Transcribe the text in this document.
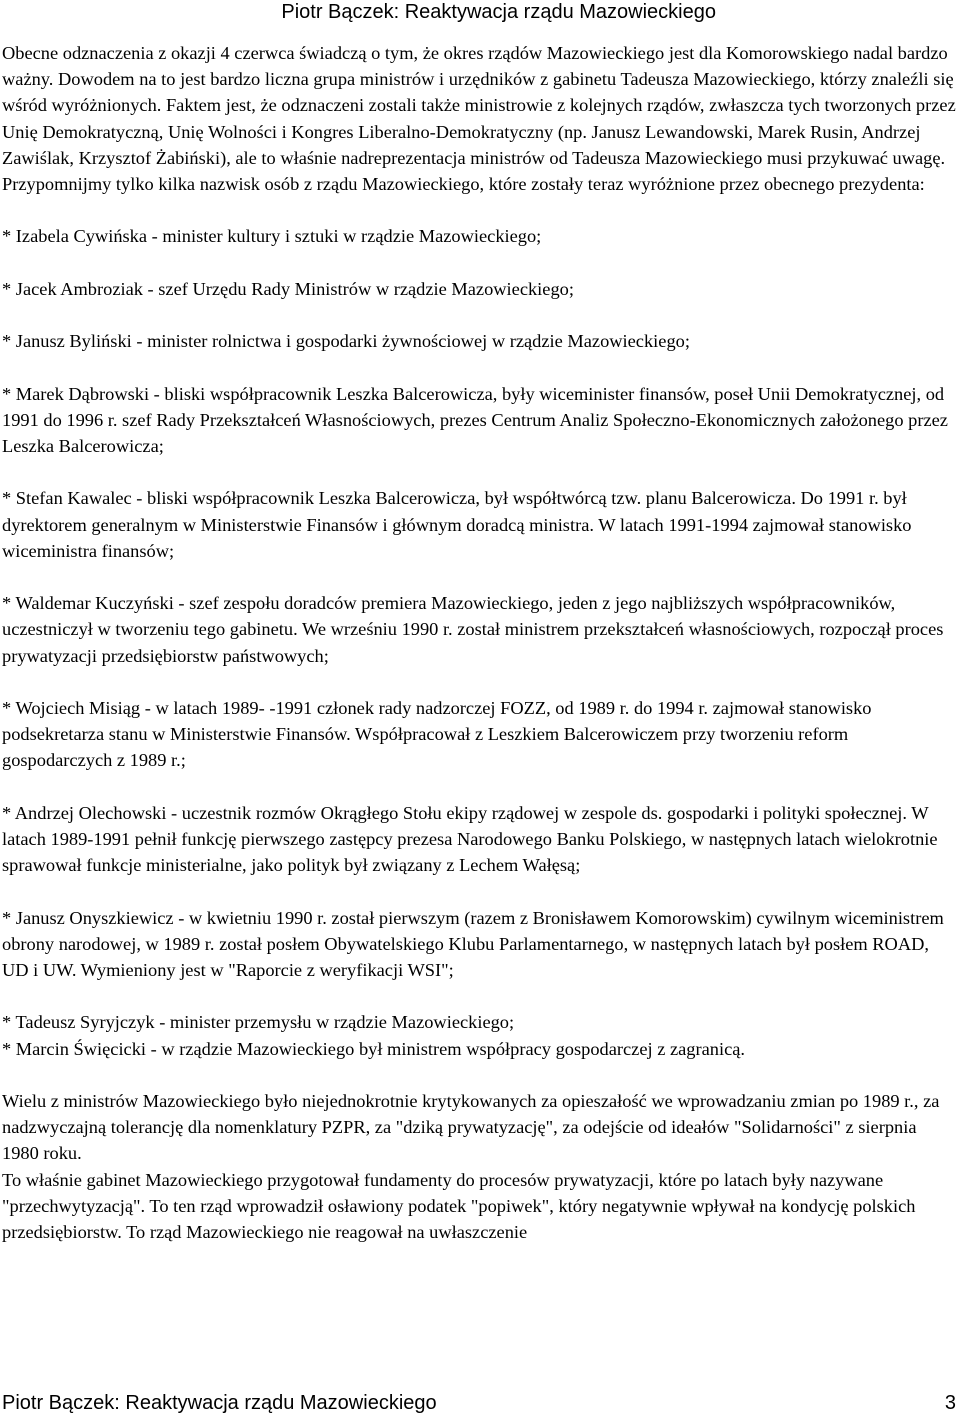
Piotr Bączek: Reaktywacja rządu Mazowieckiego

Obecne odznaczenia z okazji 4 czerwca świadczą o tym, że okres rządów Mazowieckiego jest dla Komorowskiego nadal bardzo ważny. Dowodem na to jest bardzo liczna grupa ministrów i urzędników z gabinetu Tadeusza Mazowieckiego, którzy znaleźli się wśród wyróżnionych. Faktem jest, że odznaczeni zostali także ministrowie z kolejnych rządów, zwłaszcza tych tworzonych przez Unię Demokratyczną, Unię Wolności i Kongres Liberalno-Demokratyczny (np. Janusz Lewandowski, Marek Rusin, Andrzej Zawiślak, Krzysztof Żabiński), ale to właśnie nadreprezentacja ministrów od Tadeusza Mazowieckiego musi przykuwać uwagę.

Przypomnijmy tylko kilka nazwisk osób z rządu Mazowieckiego, które zostały teraz wyróżnione przez obecnego prezydenta:

* Izabela Cywińska - minister kultury i sztuki w rządzie Mazowieckiego;

* Jacek Ambroziak - szef Urzędu Rady Ministrów w rządzie Mazowieckiego;

* Janusz Byliński - minister rolnictwa i gospodarki żywnościowej w rządzie Mazowieckiego;

* Marek Dąbrowski - bliski współpracownik Leszka Balcerowicza, były wiceminister finansów, poseł Unii Demokratycznej, od 1991 do 1996 r. szef Rady Przekształceń Własnościowych, prezes Centrum Analiz Społeczno-Ekonomicznych założonego przez Leszka Balcerowicza;

* Stefan Kawalec - bliski współpracownik Leszka Balcerowicza, był współtwórcą tzw. planu Balcerowicza. Do 1991 r. był dyrektorem generalnym w Ministerstwie Finansów i głównym doradcą ministra. W latach 1991-1994 zajmował stanowisko wiceministra finansów;

* Waldemar Kuczyński - szef zespołu doradców premiera Mazowieckiego, jeden z jego najbliższych współpracowników, uczestniczył w tworzeniu tego gabinetu. We wrześniu 1990 r. został ministrem przekształceń własnościowych, rozpoczął proces prywatyzacji przedsiębiorstw państwowych;

* Wojciech Misiąg - w latach 1989- -1991 członek rady nadzorczej FOZZ, od 1989 r. do 1994 r. zajmował stanowisko podsekretarza stanu w Ministerstwie Finansów. Współpracował z Leszkiem Balcerowiczem przy tworzeniu reform gospodarczych z 1989 r.;

* Andrzej Olechowski - uczestnik rozmów Okrągłego Stołu ekipy rządowej w zespole ds. gospodarki i polityki społecznej. W latach 1989-1991 pełnił funkcję pierwszego zastępcy prezesa Narodowego Banku Polskiego, w następnych latach wielokrotnie sprawował funkcje ministerialne, jako polityk był związany z Lechem Wałęsą;

* Janusz Onyszkiewicz - w kwietniu 1990 r. został pierwszym (razem z Bronisławem Komorowskim) cywilnym wiceministrem obrony narodowej, w 1989 r. został posłem Obywatelskiego Klubu Parlamentarnego, w następnych latach był posłem ROAD, UD i UW. Wymieniony jest w "Raporcie z weryfikacji WSI";

* Tadeusz Syryjczyk - minister przemysłu w rządzie Mazowieckiego;

* Marcin Święcicki - w rządzie Mazowieckiego był ministrem współpracy gospodarczej z zagranicą.

Wielu z ministrów Mazowieckiego było niejednokrotnie krytykowanych za opieszałość we wprowadzaniu zmian po 1989 r., za nadzwyczajną tolerancję dla nomenklatury PZPR, za "dziką prywatyzację", za odejście od ideałów "Solidarności" z sierpnia 1980 roku.

To właśnie gabinet Mazowieckiego przygotował fundamenty do procesów prywatyzacji, które po latach były nazywane "przechwytyzacją". To ten rząd wprowadził osławiony podatek "popiwek", który negatywnie wpływał na kondycję polskich przedsiębiorstw. To rząd Mazowieckiego nie reagował na uwłaszczenie

Piotr Bączek: Reaktywacja rządu Mazowieckiego	3
